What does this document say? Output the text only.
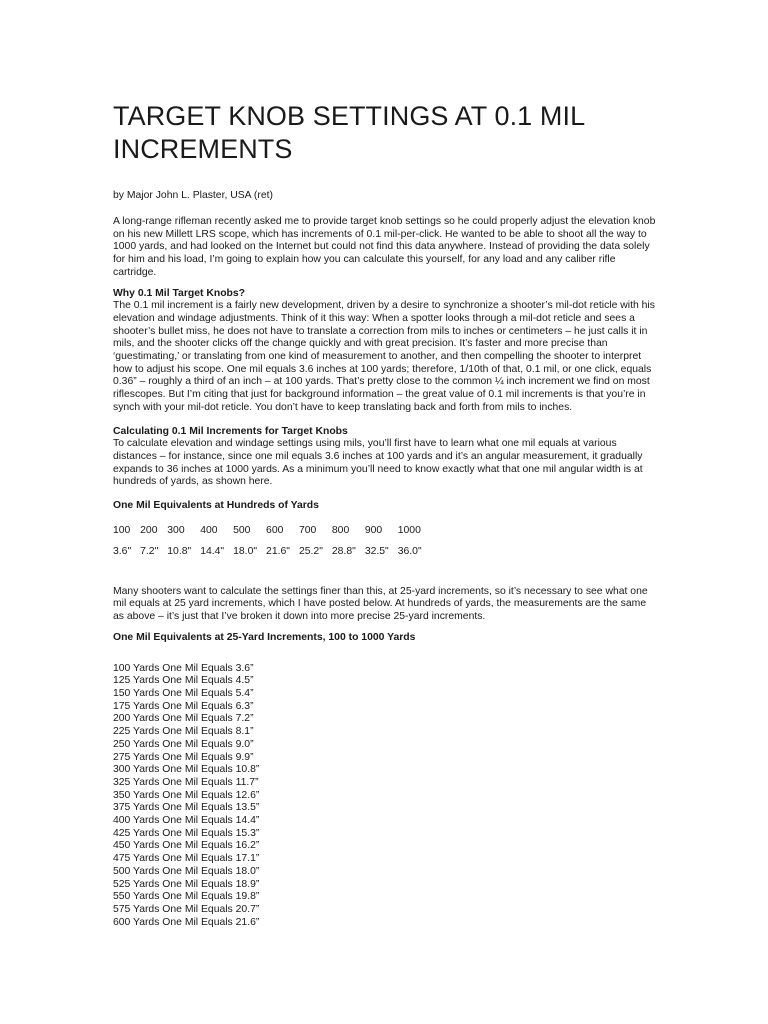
TARGET KNOB SETTINGS AT 0.1 MIL INCREMENTS
by Major John L. Plaster, USA (ret)

A long-range rifleman recently asked me to provide target knob settings so he could properly adjust the elevation knob on his new Millett LRS scope, which has increments of 0.1 mil-per-click. He wanted to be able to shoot all the way to 1000 yards, and had looked on the Internet but could not find this data anywhere. Instead of providing the data solely for him and his load, I’m going to explain how you can calculate this yourself, for any load and any caliber rifle cartridge.

Why 0.1 Mil Target Knobs?
The 0.1 mil increment is a fairly new development, driven by a desire to synchronize a shooter’s mil-dot reticle with his elevation and windage adjustments. Think of it this way: When a spotter looks through a mil-dot reticle and sees a shooter’s bullet miss, he does not have to translate a correction from mils to inches or centimeters – he just calls it in mils, and the shooter clicks off the change quickly and with great precision. It’s faster and more precise than ‘guestimating,’ or translating from one kind of measurement to another, and then compelling the shooter to interpret how to adjust his scope. One mil equals 3.6 inches at 100 yards; therefore, 1/10th of that, 0.1 mil, or one click, equals 0.36” – roughly a third of an inch – at 100 yards. That’s pretty close to the common ¼ inch increment we find on most riflescopes. But I’m citing that just for background information – the great value of 0.1 mil increments is that you’re in synch with your mil-dot reticle. You don’t have to keep translating back and forth from mils to inches.
Calculating 0.1 Mil Increments for Target Knobs
To calculate elevation and windage settings using mils, you’ll first have to learn what one mil equals at various distances – for instance, since one mil equals 3.6 inches at 100 yards and it’s an angular measurement, it gradually expands to 36 inches at 1000 yards. As a minimum you’ll need to know exactly what that one mil angular width is at hundreds of yards, as shown here.
One Mil Equivalents at Hundreds of Yards
100	200	300	400	500	600	700	800	900	1000
3.6"	7.2"	10.8"	14.4"	18.0"	21.6"	25.2"	28.8"	32.5"	36.0"

Many shooters want to calculate the settings finer than this, at 25-yard increments, so it’s necessary to see what one mil equals at 25 yard increments, which I have posted below. At hundreds of yards, the measurements are the same as above – it’s just that I’ve broken it down into more precise 25-yard increments.

One Mil Equivalents at 25-Yard Increments, 100 to 1000 Yards
100 Yards One Mil Equals 3.6”
125 Yards One Mil Equals 4.5”
150 Yards One Mil Equals 5.4”
175 Yards One Mil Equals 6.3”
200 Yards One Mil Equals 7.2”
225 Yards One Mil Equals 8.1”
250 Yards One Mil Equals 9.0”
275 Yards One Mil Equals 9.9”
300 Yards One Mil Equals 10.8”
325 Yards One Mil Equals 11.7”
350 Yards One Mil Equals 12.6”
375 Yards One Mil Equals 13.5”
400 Yards One Mil Equals 14.4”
425 Yards One Mil Equals 15.3”
450 Yards One Mil Equals 16.2”
475 Yards One Mil Equals 17.1”
500 Yards One Mil Equals 18.0”
525 Yards One Mil Equals 18.9”
550 Yards One Mil Equals 19.8”
575 Yards One Mil Equals 20.7”
600 Yards One Mil Equals 21.6”
